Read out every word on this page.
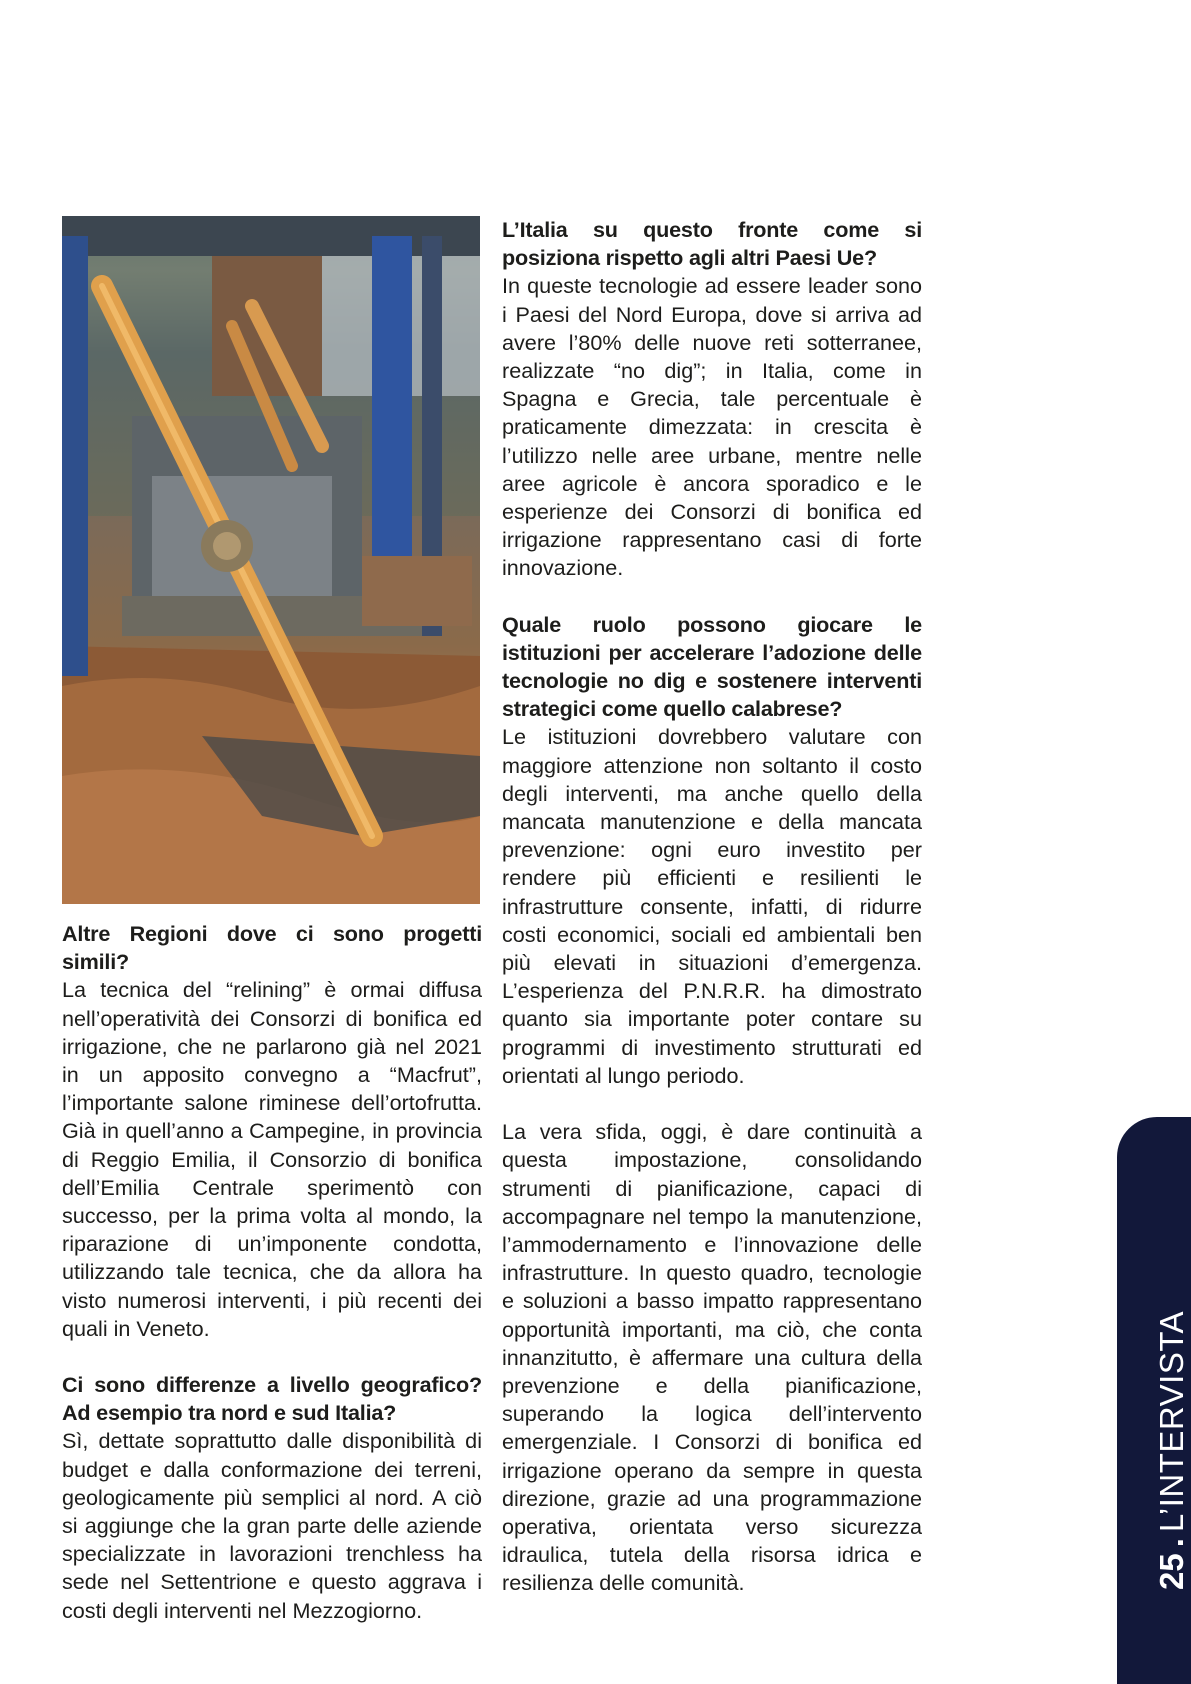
Altre Regioni dove ci sono progetti simili?

La tecnica del “relining” è ormai diffusa nell’operatività dei Consorzi di bonifica ed irrigazione, che ne parlarono già nel 2021 in un apposito convegno a “Macfrut”, l’importante salone riminese dell’ortofrutta. Già in quell’anno a Campegine, in provincia di Reggio Emilia, il Consorzio di bonifica dell’Emilia Centrale sperimentò con successo, per la prima volta al mondo, la riparazione di un’imponente condotta, utilizzando tale tecnica, che da allora ha visto numerosi interventi, i più recenti dei quali in Veneto.

Ci sono differenze a livello geografico? Ad esempio tra nord e sud Italia?

Sì, dettate soprattutto dalle disponibilità di budget e dalla conformazione dei terreni, geologicamente più semplici al nord. A ciò si aggiunge che la gran parte delle aziende specializzate in lavorazioni trenchless ha sede nel Settentrione e questo aggrava i costi degli interventi nel Mezzogiorno.

L’Italia su questo fronte come si posiziona rispetto agli altri Paesi Ue?

In queste tecnologie ad essere leader sono i Paesi del Nord Europa, dove si arriva ad avere l’80% delle nuove reti sotterranee, realizzate “no dig”; in Italia, come in Spagna e Grecia, tale percentuale è praticamente dimezzata: in crescita è l’utilizzo nelle aree urbane, mentre nelle aree agricole è ancora sporadico e le esperienze dei Consorzi di bonifica ed irrigazione rappresentano casi di forte innovazione.

Quale ruolo possono giocare le istituzioni per accelerare l’adozione delle tecnologie no dig e sostenere interventi strategici come quello calabrese?

Le istituzioni dovrebbero valutare con maggiore attenzione non soltanto il costo degli interventi, ma anche quello della mancata manutenzione e della mancata prevenzione: ogni euro investito per rendere più efficienti e resilienti le infrastrutture consente, infatti, di ridurre costi economici, sociali ed ambientali ben più elevati in situazioni d’emergenza. L’esperienza del P.N.R.R. ha dimostrato quanto sia importante poter contare su programmi di investimento strutturati ed orientati al lungo periodo.

La vera sfida, oggi, è dare continuità a questa impostazione, consolidando strumenti di pianificazione, capaci di accompagnare nel tempo la manutenzione, l’ammodernamento e l’innovazione delle infrastrutture. In questo quadro, tecnologie e soluzioni a basso impatto rappresentano opportunità importanti, ma ciò, che conta innanzitutto, è affermare una cultura della prevenzione e della pianificazione, superando la logica dell’intervento emergenziale. I Consorzi di bonifica ed irrigazione operano da sempre in questa direzione, grazie ad una programmazione operativa, orientata verso sicurezza idraulica, tutela della risorsa idrica e resilienza delle comunità.	25.L’INTERVISTA
